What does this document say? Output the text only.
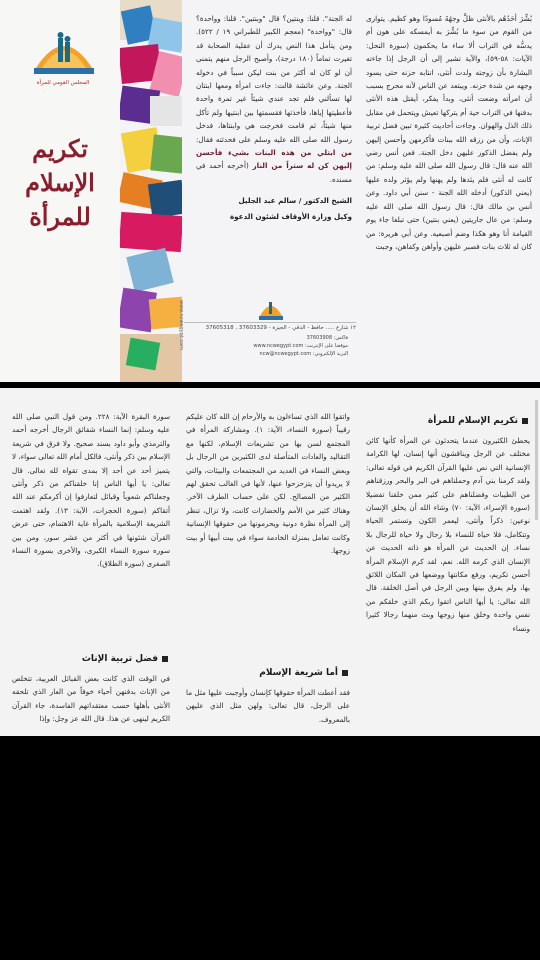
المجلس القومي للمرأة
تكريم
الإسلام
للمرأة
www.ncwegypt.com	١٢ شارع ..... حافظ - الدقي - الجيزة - 37603329 , 37605318
فاكس: 37603908
موقعنا على الإنترنت: www.ncwegypt.com
البريد الإلكتروني: ncw@ncwegypt.com
له الجنة". قلنا: وبنتين؟ قال "وبنتين". قلنا: وواحدة؟ قال: "وواحدة" (معجم الكبير للطبراني ١٩ / ٥٢٢). ومن يتأمل هذا النص يدرك أن عقلية الصحابة قد تغيرت تماماً (١٨٠ درجة)، وأصبح الرجل منهم يتمنى أن لو كان له أكثر من بنت ليكن سبباً في دخوله الجنة. وعن عائشة قالت: جاءت امرأة ومعها ابنتان لها تسألني فلم تجد عندي شيئاً غير تمرة واحدة فأعطيتها إياها، فأخذتها فقسمتها بين ابنتيها ولم تأكل منها شيئاً، ثم قامت فخرجت هي وابنتاها، فدخل رسول الله صلى الله عليه وسلم على فحدثته فقال: من ابتلي من هذه البنات بشيء فأحسن إليهن كن له ستراً من النار (أخرجه أحمد في مسنده.
الشيخ الدكتور / سالم عبد الجليل
وكيل وزارة الأوقاف لشئون الدعوة
بُشِّرَ أحَدُهُم بالأنثى ظلَّ وجهُهُ مُسودًا وهو كظيم. يتوارى من القوم من سوء ما بُشِّرَ به أيمسكه على هون أم يدسُّه في التراب ألا ساء ما يحكمون (سورة النحل: الآيات: ٥٨-٥٩)، والآية تشير إلى أن الرجل إذا جاءته البشارة بأن زوجته ولدت أنثى، انتابه حزنه حتى يسود وجهه من شدة حزنه. ويبتعد عن الناس لأنه محرج بسبب أن امرأته وضعت أنثى، وبدأ يفكر، أيقتل هذه الأنثى بدفنها في التراب حية أم يتركها تعيش ويتحمل في مقابل ذلك الذل والهوان. وجاءت أحاديث كثيرة تبين فضل تربية الإناث، وأن من رزقه الله ببنات فأكرمهن وأحسن إليهن ولم يفضل الذكور عليهن دخل الجنة. فعن أنس رضي الله عنه قال: قال رسول الله صلى الله عليه وسلم: من كانت له أنثى فلم يئدها ولم يهنها ولم يؤثر ولده عليها (يعني الذكور) أدخله الله الجنة - سنن أبي داود. وعن أنس بن مالك قال: قال رسول الله صلى الله عليه وسلم: من عال جاريتين (يعني بنتين) حتى تبلغا جاء يوم القيامة أنا وهو هكذا وضم أصبعيه. وعن أبي هريرة: من كان له ثلاث بنات فصبر عليهن وأواهن وكفاهن، وجبت
سورة البقرة الآية: ٢٢٨. ومن قول النبي صلى الله عليه وسلم: إنما النساء شقائق الرجال أخرجه أحمد والترمذي وأبو داود بسند صحيح. ولا فرق في شريعة الإسلام بين ذكر وأنثى، فالكل أمام الله تعالى سواء، لا يتميز أحد عن أحد إلا بمدى تقواه لله تعالى. قال تعالى: يا أيها الناس إنا خلقناكم من ذكر وأنثى وجعلناكم شعوباً وقبائل لتعارفوا إن أكرمكم عند الله أتقاكم (سورة الحجرات، الآية: ١٣). ولقد اهتمت الشريعة الإسلامية بالمرأة غاية الاهتمام، حتى عرض القرآن شئونها في أكثر من عشر سور، ومن بين سوره سورة النساء الكبرى، والأخرى بسورة النساء الصغرى (سورة الطلاق).
فضل تربية الإناث
في الوقت الذي كانت بعض القبائل العربية، تتخلص من الإناث بدفنهن أحياء خوفاً من العار الذي تلحقه الأنثى بأهلها حسب معتقداتهم الفاسدة، جاء القرآن الكريم لينهى عن هذا. قال الله عز وجل: وإذا
واتقوا الله الذي تساءلون به والأرحام إن الله كان عليكم رقيباً (سورة النساء، الآية: ١). ومشاركة المرأة في المجتمع لسن بها من تشريعات الإسلام، لكنها مع التقاليد والعادات المتأصلة لدى الكثيرين من الرجال بل وبعض النساء في العديد من المجتمعات والبيئات، والتي لا يريدوا أن يتزحزحوا عنها، لأنها في الغالب تحقق لهم الكثير من المصالح. لكن على حساب الطرف الآخر. وهناك كثير من الأمم والحضارات كانت، ولا تزال، تنظر إلى المرأة نظرة دونية ويحرمونها من حقوقها الإنسانية وكانت تعامل بمنزلة الخادمة سواء في بيت أبيها أو بيت زوجها.
أما شريعة الإسلام
فقد أعطت المرأة حقوقها كإنسان وأوجبت عليها مثل ما على الرجل، قال تعالى: ولهن مثل الذي عليهن بالمعروف.
تكريم الإسلام للمرأة
يحطئ الكثيرون عندما يتحدثون عن المرأة كأنها كائن مختلف عن الرجل ويناقشون أنها إنسان، لها الكرامة الإنسانية التي نص عليها القرآن الكريم في قوله تعالى: ولقد كرمنا بني آدم وحملناهم في البر والبحر ورزقناهم من الطيبات وفضلناهم على كثير ممن خلقنا تفضيلا (سورة الإسراء، الآية: ٧٠) وشاء الله أن يخلق الإنسان نوعين: ذكراً وأنثى، ليعمر الكون وتستمر الحياة وتتكامل، فلا حياة للنساء بلا رجال ولا حياة للرجال بلا نساء. إن الحديث عن المرأة هو ذاته الحديث عن الإنسان الذي كرمه الله. نعم، لقد كرم الإسلام المرأة أحسن تكريم، ورفع مكانتها ووضعها في المكان اللائق بها، ولم يفرق بينها وبين الرجل في أصل الخلقة. قال الله تعالى: يا أيها الناس اتقوا ربكم الذي خلقكم من نفس واحدة وخلق منها زوجها وبث منهما رجالا كثيرا ونساء
